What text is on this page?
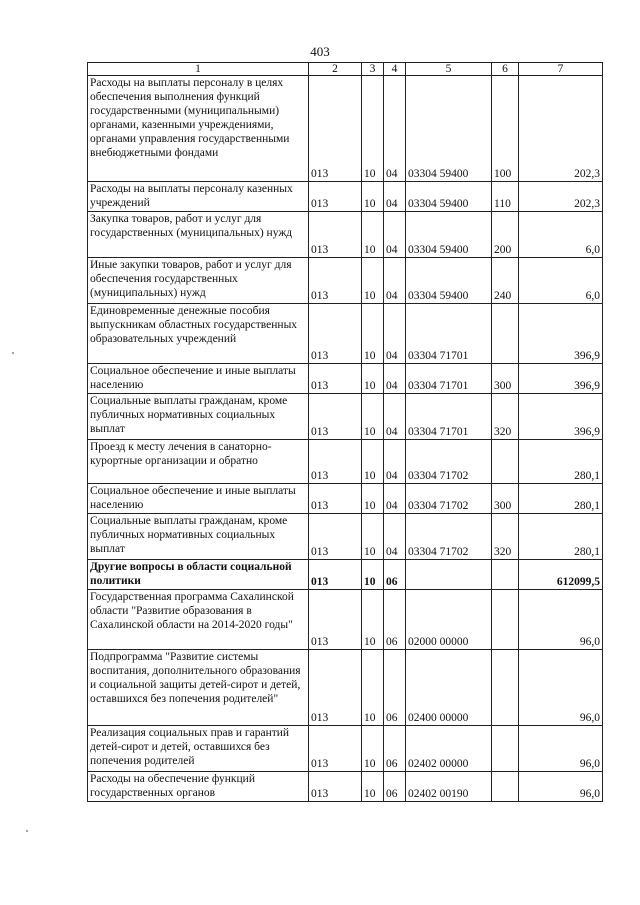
403
1	2	3	4	5	6	7
Расходы на выплаты персоналу в целях обеспечения выполнения функций государственными (муниципальными) органами, казенными учреждениями, органами управления государственными внебюджетными фондами	013	10	04	03304 59400	100	202,3
Расходы на выплаты персоналу казенных учреждений	013	10	04	03304 59400	110	202,3
Закупка товаров, работ и услуг для государственных (муниципальных) нужд	013	10	04	03304 59400	200	6,0
Иные закупки товаров, работ и услуг для обеспечения государственных (муниципальных) нужд	013	10	04	03304 59400	240	6,0
Единовременные денежные пособия выпускникам областных государственных образовательных учреждений	013	10	04	03304 71701		396,9
Социальное обеспечение и иные выплаты населению	013	10	04	03304 71701	300	396,9
Социальные выплаты гражданам, кроме публичных нормативных социальных выплат	013	10	04	03304 71701	320	396,9
Проезд к месту лечения в санаторно-курортные организации и обратно	013	10	04	03304 71702		280,1
Социальное обеспечение и иные выплаты населению	013	10	04	03304 71702	300	280,1
Социальные выплаты гражданам, кроме публичных нормативных социальных выплат	013	10	04	03304 71702	320	280,1
Другие вопросы в области социальной политики	013	10	06			612099,5
Государственная программа Сахалинской области "Развитие образования в Сахалинской области на 2014-2020 годы"	013	10	06	02000 00000		96,0
Подпрограмма "Развитие системы воспитания, дополнительного образования и социальной защиты детей-сирот и детей, оставшихся без попечения родителей"	013	10	06	02400 00000		96,0
Реализация социальных прав и гарантий детей-сирот и детей, оставшихся без попечения родителей	013	10	06	02402 00000		96,0
Расходы на обеспечение функций государственных органов	013	10	06	02402 00190		96,0
